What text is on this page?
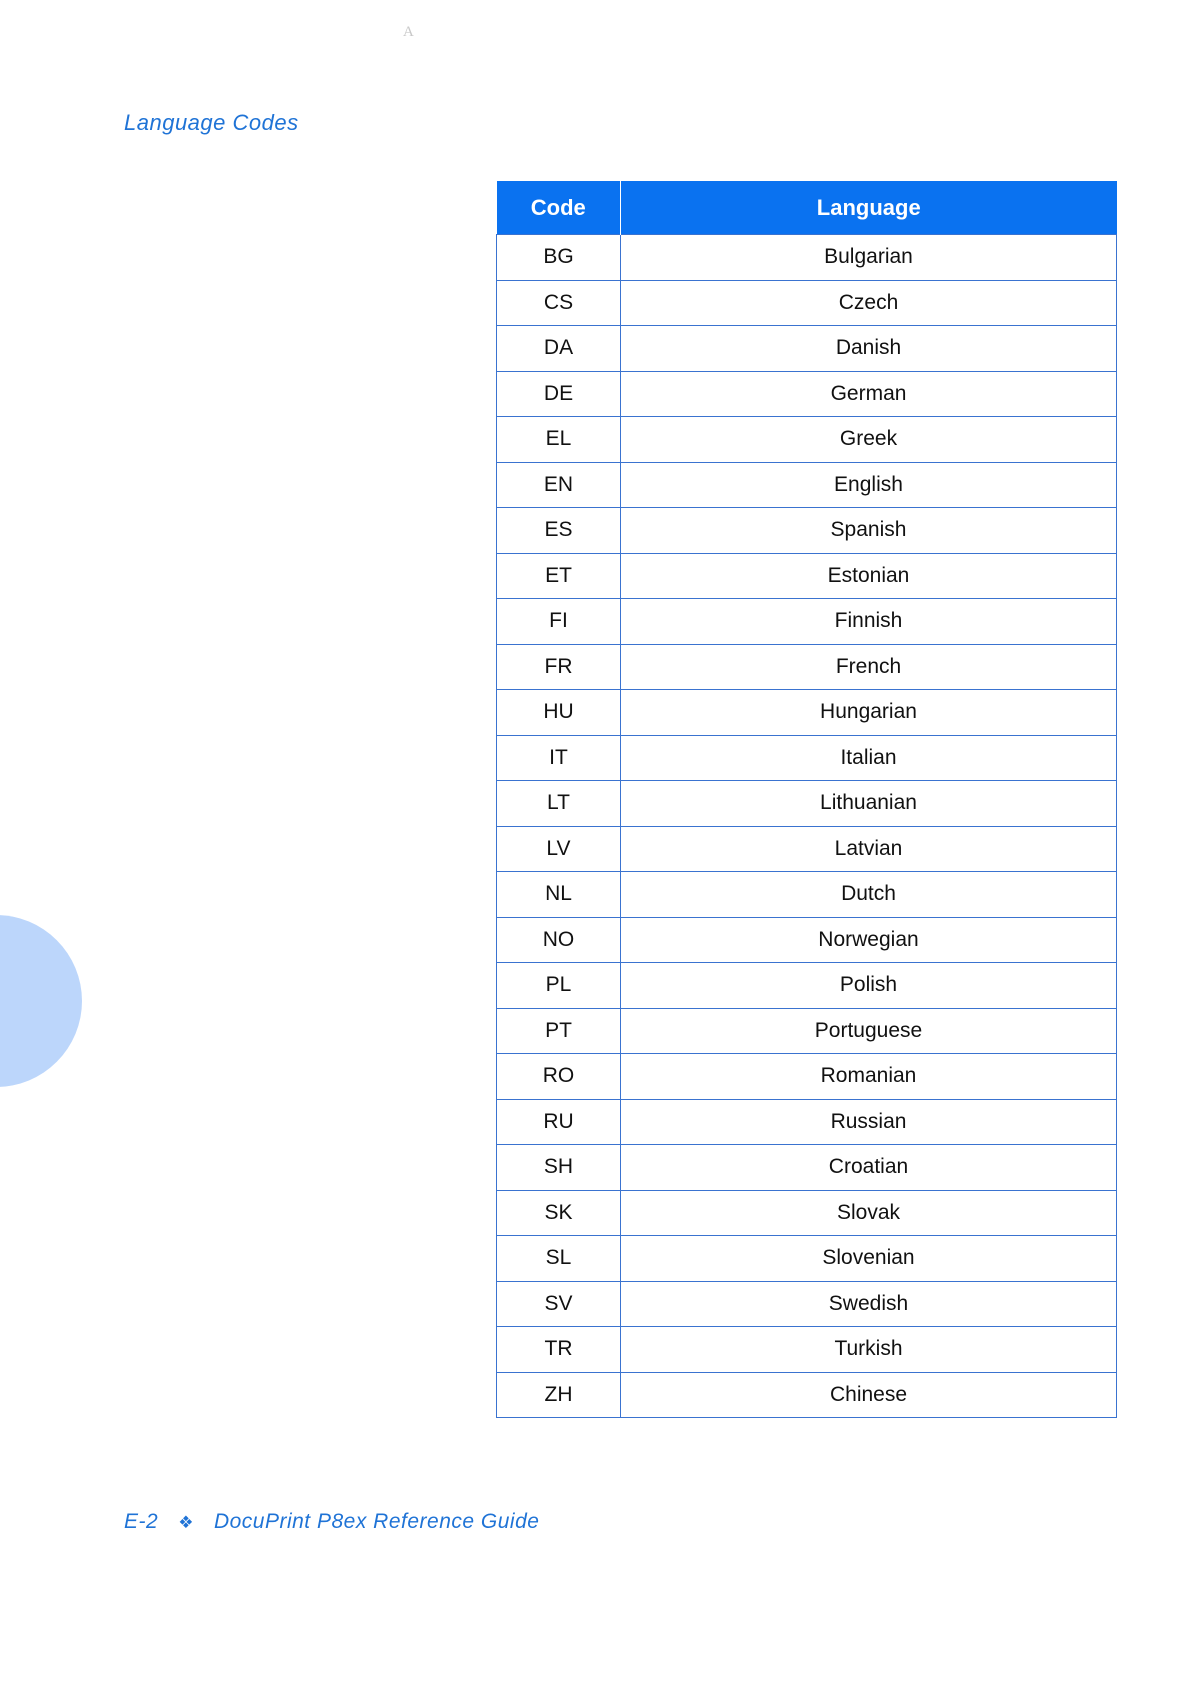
A
Language Codes
Code	Language
BG	Bulgarian
CS	Czech
DA	Danish
DE	German
EL	Greek
EN	English
ES	Spanish
ET	Estonian
FI	Finnish
FR	French
HU	Hungarian
IT	Italian
LT	Lithuanian
LV	Latvian
NL	Dutch
NO	Norwegian
PL	Polish
PT	Portuguese
RO	Romanian
RU	Russian
SH	Croatian
SK	Slovak
SL	Slovenian
SV	Swedish
TR	Turkish
ZH	Chinese
E-2 ❖ DocuPrint P8ex Reference Guide
